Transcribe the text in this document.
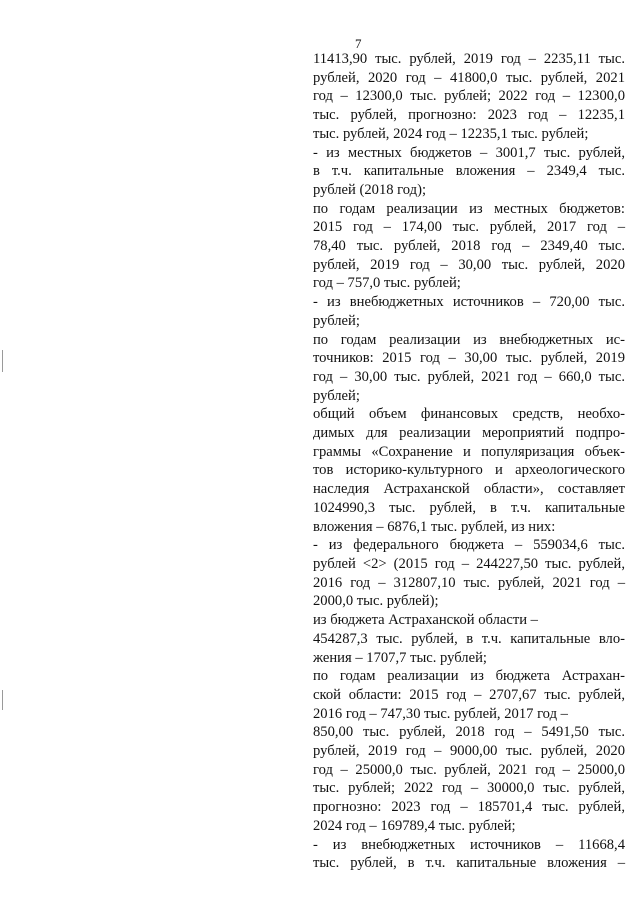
7
11413,90 тыс. рублей, 2019 год – 2235,11 тыс.
рублей, 2020 год – 41800,0 тыс. рублей, 2021
год – 12300,0 тыс. рублей; 2022 год – 12300,0
тыс. рублей, прогнозно: 2023 год – 12235,1
тыс. рублей, 2024 год – 12235,1 тыс. рублей;
- из местных бюджетов – 3001,7 тыс. рублей,
в т.ч. капитальные вложения – 2349,4 тыс.
рублей (2018 год);
по годам реализации из местных бюджетов:
2015 год – 174,00 тыс. рублей, 2017 год –
78,40 тыс. рублей, 2018 год – 2349,40 тыс.
рублей, 2019 год – 30,00 тыс. рублей, 2020
год – 757,0 тыс. рублей;
- из внебюджетных источников – 720,00 тыс.
рублей;
по годам реализации из внебюджетных ис-
точников: 2015 год – 30,00 тыс. рублей, 2019
год – 30,00 тыс. рублей, 2021 год – 660,0 тыс.
рублей;
общий объем финансовых средств, необхо-
димых для реализации мероприятий подпро-
граммы «Сохранение и популяризация объек-
тов историко-культурного и археологического
наследия Астраханской области», составляет
1024990,3 тыс. рублей, в т.ч. капитальные
вложения – 6876,1 тыс. рублей, из них:
- из федерального бюджета – 559034,6 тыс.
рублей <2> (2015 год – 244227,50 тыс. рублей,
2016 год – 312807,10 тыс. рублей, 2021 год –
2000,0 тыс. рублей);
из бюджета Астраханской области –
454287,3 тыс. рублей, в т.ч. капитальные вло-
жения – 1707,7 тыс. рублей;
по годам реализации из бюджета Астрахан-
ской области: 2015 год – 2707,67 тыс. рублей,
2016 год – 747,30 тыс. рублей, 2017 год –
850,00 тыс. рублей, 2018 год – 5491,50 тыс.
рублей, 2019 год – 9000,00 тыс. рублей, 2020
год – 25000,0 тыс. рублей, 2021 год – 25000,0
тыс. рублей; 2022 год – 30000,0 тыс. рублей,
прогнозно: 2023 год – 185701,4 тыс. рублей,
2024 год – 169789,4 тыс. рублей;
- из внебюджетных источников – 11668,4
тыс. рублей, в т.ч. капитальные вложения –
